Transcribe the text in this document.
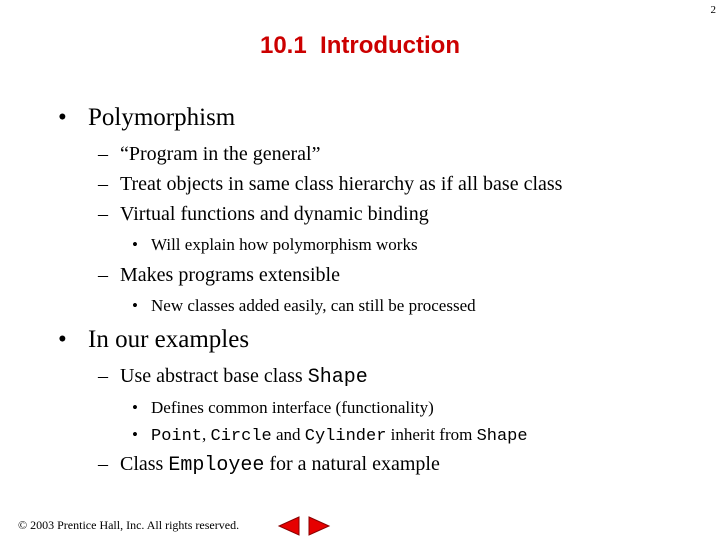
2
10.1  Introduction
• Polymorphism
– “Program in the general”
– Treat objects in same class hierarchy as if all base class
– Virtual functions and dynamic binding
• Will explain how polymorphism works
– Makes programs extensible
• New classes added easily, can still be processed
• In our examples
– Use abstract base class Shape
• Defines common interface (functionality)
• Point, Circle and Cylinder inherit from Shape
– Class Employee for a natural example
© 2003 Prentice Hall, Inc. All rights reserved.
